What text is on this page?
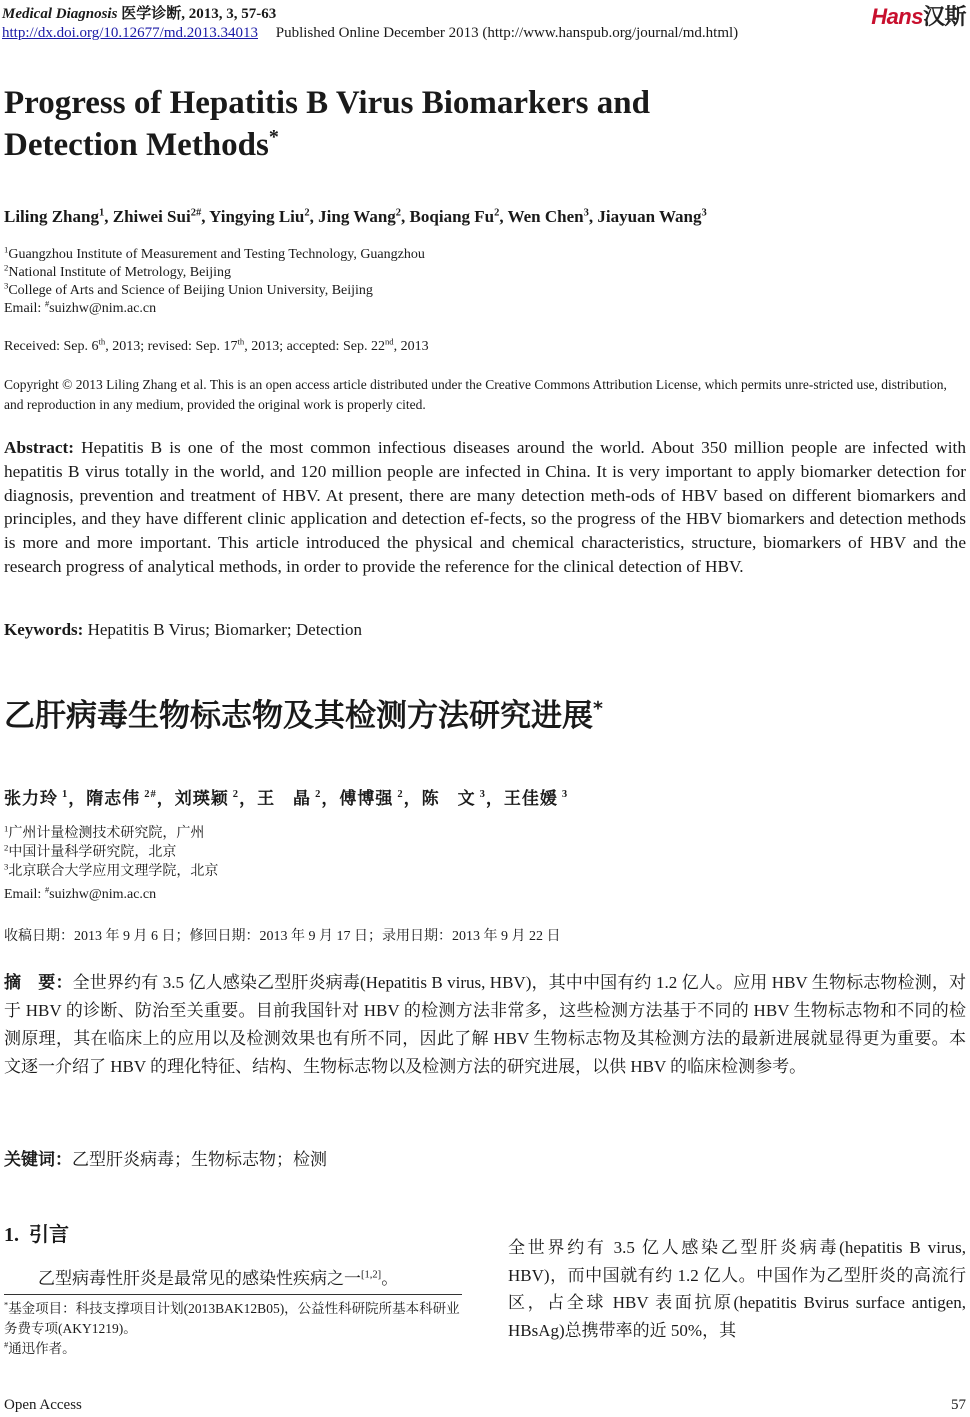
Medical Diagnosis 医学诊断, 2013, 3, 57-63	Hans汉斯
http://dx.doi.org/10.12677/md.2013.34013 Published Online December 2013 (http://www.hanspub.org/journal/md.html)
Progress of Hepatitis B Virus Biomarkers and
Detection Methods*
Liling Zhang$^1$, Zhiwei Sui$^{2\#}$, Yingying Liu$^2$, Jing Wang$^2$, Boqiang Fu$^2$, Wen Chen$^3$, Jiayuan Wang$^3$
$^1$Guangzhou Institute of Measurement and Testing Technology, Guangzhou
$^2$National Institute of Metrology, Beijing
$^3$College of Arts and Science of Beijing Union University, Beijing
Email: #suizhw@nim.ac.cn
Received: Sep. 6th, 2013; revised: Sep. 17th, 2013; accepted: Sep. 22nd, 2013
Copyright © 2013 Liling Zhang et al. This is an open access article distributed under the Creative Commons Attribution License, which permits unre-stricted use, distribution, and reproduction in any medium, provided the original work is properly cited.
Abstract: Hepatitis B is one of the most common infectious diseases around the world. About 350 million people are infected with hepatitis B virus totally in the world, and 120 million people are infected in China. It is very important to apply biomarker detection for diagnosis, prevention and treatment of HBV. At present, there are many detection meth-ods of HBV based on different biomarkers and principles, and they have different clinic application and detection ef-fects, so the progress of the HBV biomarkers and detection methods is more and more important. This article introduced the physical and chemical characteristics, structure, biomarkers of HBV and the research progress of analytical methods, in order to provide the reference for the clinical detection of HBV.
Keywords: Hepatitis B Virus; Biomarker; Detection
乙肝病毒生物标志物及其检测方法研究进展*
张力玲 $^1$，隋志伟 $^{2\#}$，刘瑛颖 $^2$，王　晶 $^2$，傅博强 $^2$，陈　文 $^3$，王佳媛 $^3$
$^1$广州计量检测技术研究院，广州
$^2$中国计量科学研究院，北京
$^3$北京联合大学应用文理学院，北京
Email: #suizhw@nim.ac.cn
收稿日期：2013 年 9 月 6 日；修回日期：2013 年 9 月 17 日；录用日期：2013 年 9 月 22 日
摘　要：全世界约有 3.5 亿人感染乙型肝炎病毒(Hepatitis B virus, HBV)，其中中国有约 1.2 亿人。应用 HBV 生物标志物检测，对于 HBV 的诊断、防治至关重要。目前我国针对 HBV 的检测方法非常多，这些检测方法基于不同的 HBV 生物标志物和不同的检测原理，其在临床上的应用以及检测效果也有所不同，因此了解 HBV 生物标志物及其检测方法的最新进展就显得更为重要。本文逐一介绍了 HBV 的理化特征、结构、生物标志物以及检测方法的研究进展，以供 HBV 的临床检测参考。
关键词：乙型肝炎病毒；生物标志物；检测
1. 引言
乙型病毒性肝炎是最常见的感染性疾病之一[1,2]。
*基金项目：科技支撑项目计划(2013BAK12B05)，公益性科研院所基本科研业务费专项(AKY1219)。
#通迅作者。
全世界约有 3.5 亿人感染乙型肝炎病毒(hepatitis B virus, HBV)，而中国就有约 1.2 亿人。中国作为乙型肝炎的高流行区，占全球 HBV 表面抗原(hepatitis Bvirus surface antigen, HBsAg)总携带率的近 50%，其
Open Access	57
